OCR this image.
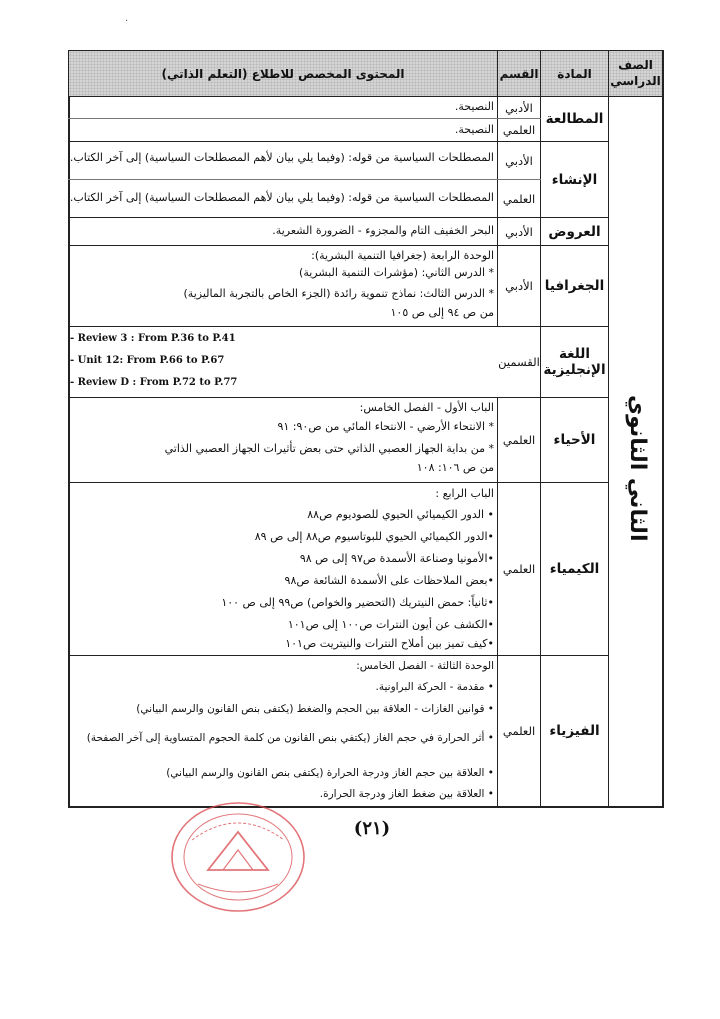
·
المحتوى المخصص للاطلاع (التعلم الذاتي)	القسم	المادة
الصف الدراسي
الثاني الثانوي
المطالعة
الأدبي
العلمي
النصيحة.
النصيحة.
الإنشاء
الأدبي
العلمي
المصطلحات السياسية من قوله: (وفيما يلي بيان لأهم المصطلحات السياسية) إلى آخر الكتاب.
المصطلحات السياسية من قوله: (وفيما يلي بيان لأهم المصطلحات السياسية) إلى آخر الكتاب.
العروض
الأدبي
البحر الخفيف التام والمجزوء - الضرورة الشعرية.
الجغرافيا
الأدبي
الوحدة الرابعة (جغرافيا التنمية البشرية):
* الدرس الثاني: (مؤشرات التنمية البشرية)
* الدرس الثالث: نماذج تنموية رائدة (الجزء الخاص بالتجربة الماليزية)
من ص ٩٤ إلى ص ١٠٥
اللغة الإنجليزية
القسمين
- Review 3 : From P.36 to P.41
- Unit 12: From P.66 to P.67
- Review D : From P.72 to P.77
الأحياء
العلمي
الباب الأول - الفصل الخامس:
* الانتحاء الأرضي - الانتحاء المائي من ص٩٠: ٩١
* من بداية الجهاز العصبي الذاتي حتى بعض تأثيرات الجهاز العصبي الذاتي
من ص ١٠٦: ١٠٨
الكيمياء
العلمي
الباب الرابع :
• الدور الكيميائي الحيوي للصوديوم ص٨٨
•الدور الكيميائي الحيوي للبوتاسيوم ص٨٨ إلى ص ٨٩
•الأمونيا وصناعة الأسمدة ص٩٧ إلى ص ٩٨
•بعض الملاحظات على الأسمدة الشائعة ص٩٨
•ثانياً: حمض النيتريك (التحضير والخواص) ص٩٩ إلى ص ١٠٠
•الكشف عن أيون النترات ص١٠٠ إلى ص١٠١
•كيف تميز بين أملاح النترات والنيتريت ص١٠١
الفيزياء
العلمي
الوحدة الثالثة - الفصل الخامس:
• مقدمة - الحركة البراونية.
• قوانين الغازات - العلاقة بين الحجم والضغط (يكتفى بنص القانون والرسم البياني)
• أثر الحرارة في حجم الغاز (يكتفي بنص القانون من كلمة الحجوم المتساوية إلى آخر الصفحة)
• العلاقة بين حجم الغاز ودرجة الحرارة (يكتفى بنص القانون والرسم البياني)
• العلاقة بين ضغط الغاز ودرجة الحرارة.
(٢١)
